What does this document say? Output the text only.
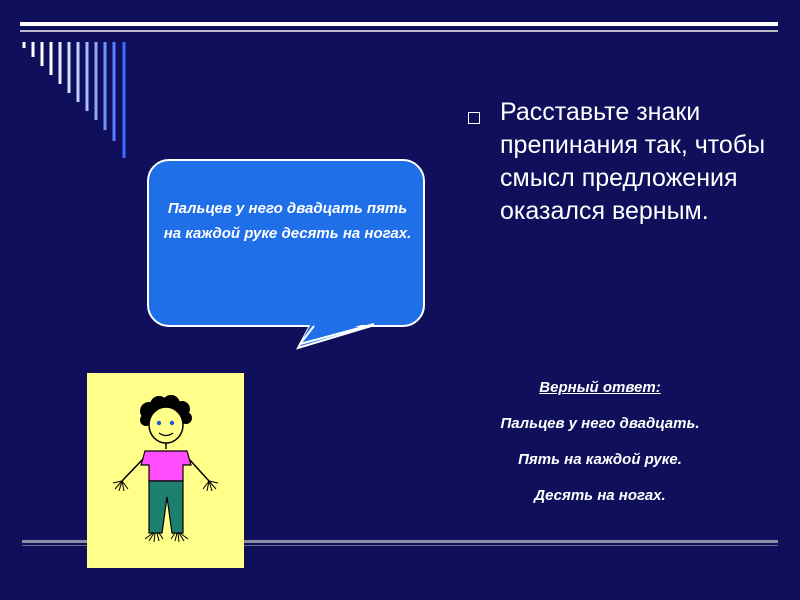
Расставьте знаки препинания так, чтобы смысл предложения оказался верным.
Пальцев у него двадцать пять на каждой руке десять на ногах.
Верный ответ:
Пальцев у него двадцать.
Пять на каждой руке.
Десять на ногах.
